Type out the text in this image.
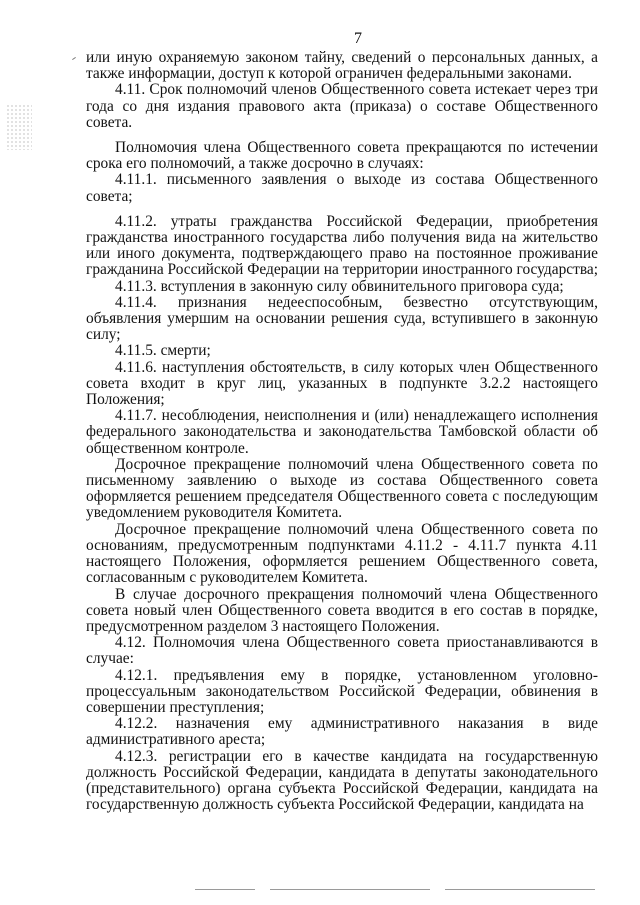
7

или иную охраняемую законом тайну, сведений о персональных данных, а также информации, доступ к которой ограничен федеральными законами.

4.11. Срок полномочий членов Общественного совета истекает через три года со дня издания правового акта (приказа) о составе Общественного совета.

Полномочия члена Общественного совета прекращаются по истечении срока его полномочий, а также досрочно в случаях:

4.11.1. письменного заявления о выходе из состава Общественного совета;

4.11.2. утраты гражданства Российской Федерации, приобретения гражданства иностранного государства либо получения вида на жительство или иного документа, подтверждающего право на постоянное проживание гражданина Российской Федерации на территории иностранного государства;

4.11.3. вступления в законную силу обвинительного приговора суда;

4.11.4. признания недееспособным, безвестно отсутствующим, объявления умершим на основании решения суда, вступившего в законную силу;

4.11.5. смерти;

4.11.6. наступления обстоятельств, в силу которых член Общественного совета входит в круг лиц, указанных в подпункте 3.2.2 настоящего Положения;

4.11.7. несоблюдения, неисполнения и (или) ненадлежащего исполнения федерального законодательства и законодательства Тамбовской области об общественном контроле.

Досрочное прекращение полномочий члена Общественного совета по письменному заявлению о выходе из состава Общественного совета оформляется решением председателя Общественного совета с последующим уведомлением руководителя Комитета.

Досрочное прекращение полномочий члена Общественного совета по основаниям, предусмотренным подпунктами 4.11.2 - 4.11.7 пункта 4.11 настоящего Положения, оформляется решением Общественного совета, согласованным с руководителем Комитета.

В случае досрочного прекращения полномочий члена Общественного совета новый член Общественного совета вводится в его состав в порядке, предусмотренном разделом 3 настоящего Положения.

4.12. Полномочия члена Общественного совета приостанавливаются в случае:

4.12.1. предъявления ему в порядке, установленном уголовно-процессуальным законодательством Российской Федерации, обвинения в совершении преступления;

4.12.2. назначения ему административного наказания в виде административного ареста;

4.12.3. регистрации его в качестве кандидата на государственную должность Российской Федерации, кандидата в депутаты законодательного (представительного) органа субъекта Российской Федерации, кандидата на государственную должность субъекта Российской Федерации, кандидата на
